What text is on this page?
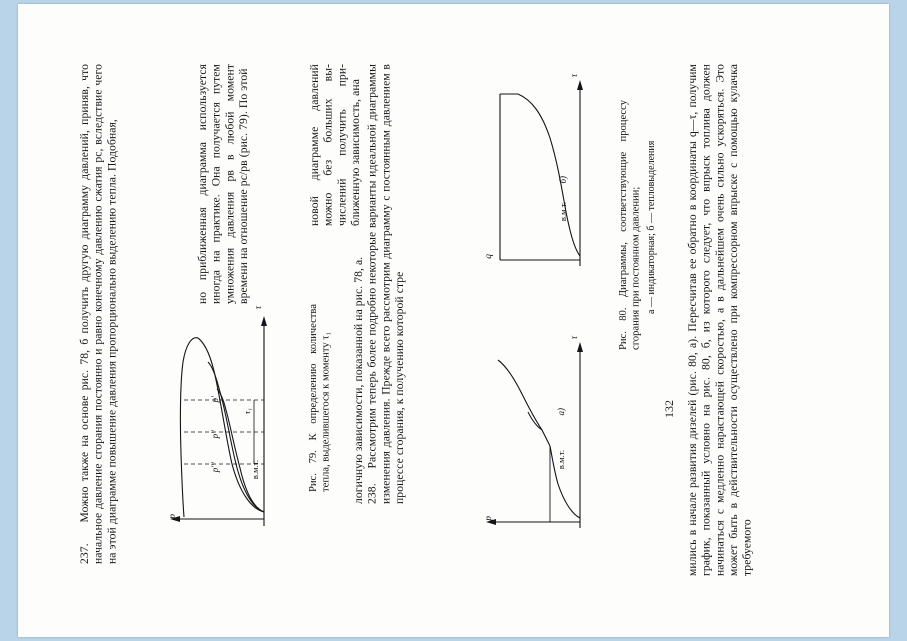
237.    Можно также на основе рис. 78, б получить другую диаграмму давлений, приняв, что начальное давление сгорания постоянно и равно конечному давлению сжатия рс, вследствие чего на этой диаграмме повышение давления пропорционально выделению тепла. Подобная,	но приближенная диаграмма используется иногда на практике. Она получается путем умножения давления рв в любой момент времени на отношение рс/рв (рис. 79). По этой
p
τ
в.м.т.
τ₁
p'
p''
p'''	Рис. 79. К определению количества тепла, выделившегося к моменту τ₁
новой диаграмме давлений можно без больших вычислений получить приближенную зависимость, ана
логичную зависимости, показанной на рис. 78, а.
238.    Рассмотрим теперь более подробно некоторые варианты идеальной диаграммы изменения давления. Прежде всего рассмотрим диаграмму с постоянным давлением в процессе сгорания, к получению которой стре
p
τ
в.м.т.
a)
q
τ
в.м.т.
б)	Рис. 80. Диаграммы, соответствующие процессу сгорания при постоянном давлении; а — индикаторная; б — тепловыделения	мились в начале развития дизелей (рис. 80, а). Пересчитав ее обратно в координаты q—τ, получим график, показанный условно на рис. 80, б, из которого следует, что впрыск топлива должен начинаться с медленно нарастающей скоростью, а в дальнейшем очень сильно ускоряться. Это может быть в действительности осуществлено при компрессорном впрыске с помощью кулачка требуемого
132
